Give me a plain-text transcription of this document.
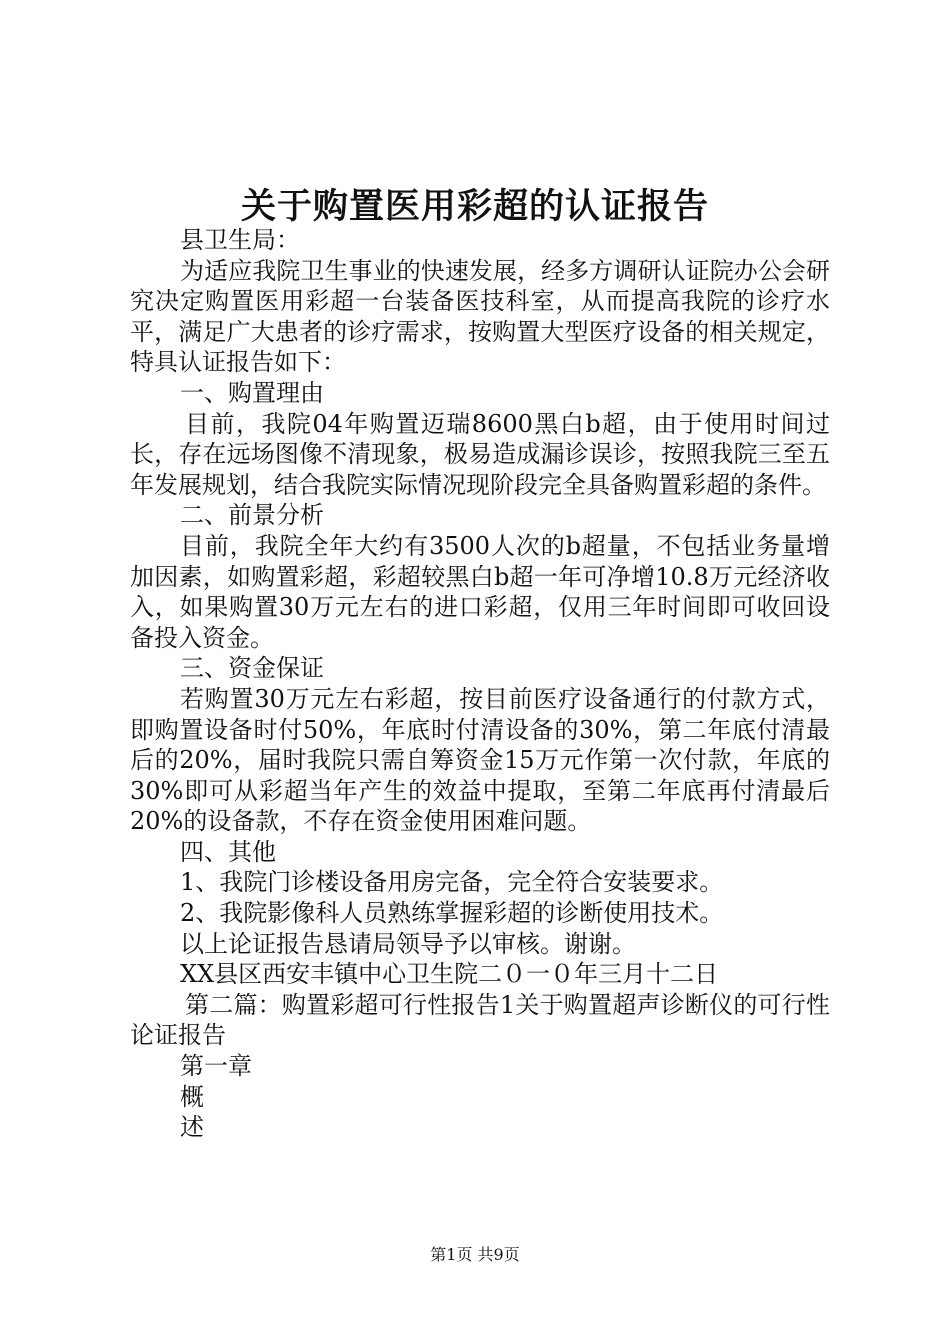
关于购置医用彩超的认证报告

县卫生局：

为适应我院卫生事业的快速发展，经多方调研认证院办公会研究决定购置医用彩超一台装备医技科室，从而提高我院的诊疗水平，满足广大患者的诊疗需求，按购置大型医疗设备的相关规定，特具认证报告如下：

一、购置理由

目前，我院04年购置迈瑞8600黑白b超，由于使用时间过长，存在远场图像不清现象，极易造成漏诊误诊，按照我院三至五年发展规划，结合我院实际情况现阶段完全具备购置彩超的条件。

二、前景分析

目前，我院全年大约有3500人次的b超量，不包括业务量增加因素，如购置彩超，彩超较黑白b超一年可净增10.8万元经济收入，如果购置30万元左右的进口彩超，仅用三年时间即可收回设备投入资金。

三、资金保证

若购置30万元左右彩超，按目前医疗设备通行的付款方式，即购置设备时付50%，年底时付清设备的30%，第二年底付清最后的20%，届时我院只需自筹资金15万元作第一次付款，年底的30%即可从彩超当年产生的效益中提取，至第二年底再付清最后20%的设备款，不存在资金使用困难问题。

四、其他

1、我院门诊楼设备用房完备，完全符合安装要求。

2、我院影像科人员熟练掌握彩超的诊断使用技术。

以上论证报告恳请局领导予以审核。谢谢。

XX县区西安丰镇中心卫生院二０一０年三月十二日

第二篇：购置彩超可行性报告1关于购置超声诊断仪的可行性论证报告

第一章

概

述

第1页 共9页
